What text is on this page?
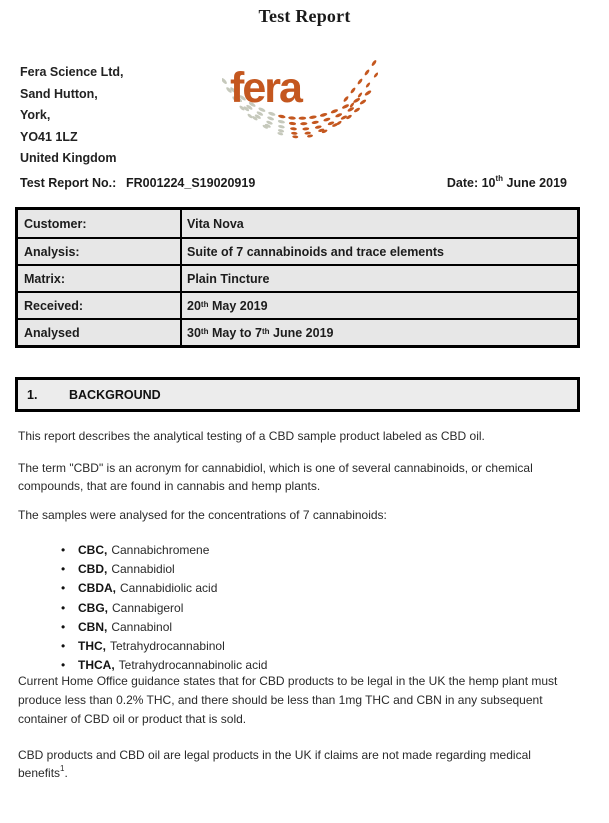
Test Report
Fera Science Ltd,
Sand Hutton,
York,
YO41 1LZ
United Kingdom
fera
Test Report No.: FR001224_S19020919	Date: 10th June 2019
Customer:	Vita Nova
Analysis:	Suite of 7 cannabinoids and trace elements
Matrix:	Plain Tincture
Received:	20th May 2019
Analysed	30th May to 7th June 2019
1.	BACKGROUND
This report describes the analytical testing of a CBD sample product labeled as CBD oil.
The term "CBD" is an acronym for cannabidiol, which is one of several cannabinoids, or chemical
compounds, that are found in cannabis and hemp plants.
The samples were analysed for the concentrations of 7 cannabinoids:
•	CBC, Cannabichromene
•	CBD, Cannabidiol
•	CBDA, Cannabidiolic acid
•	CBG, Cannabigerol
•	CBN, Cannabinol
•	THC, Tetrahydrocannabinol
•	THCA, Tetrahydrocannabinolic acid
Current Home Office guidance states that for CBD products to be legal in the UK the hemp plant must
produce less than 0.2% THC, and there should be less than 1mg THC and CBN in any subsequent
container of CBD oil or product that is sold.
CBD products and CBD oil are legal products in the UK if claims are not made regarding medical benefits$^1$.
